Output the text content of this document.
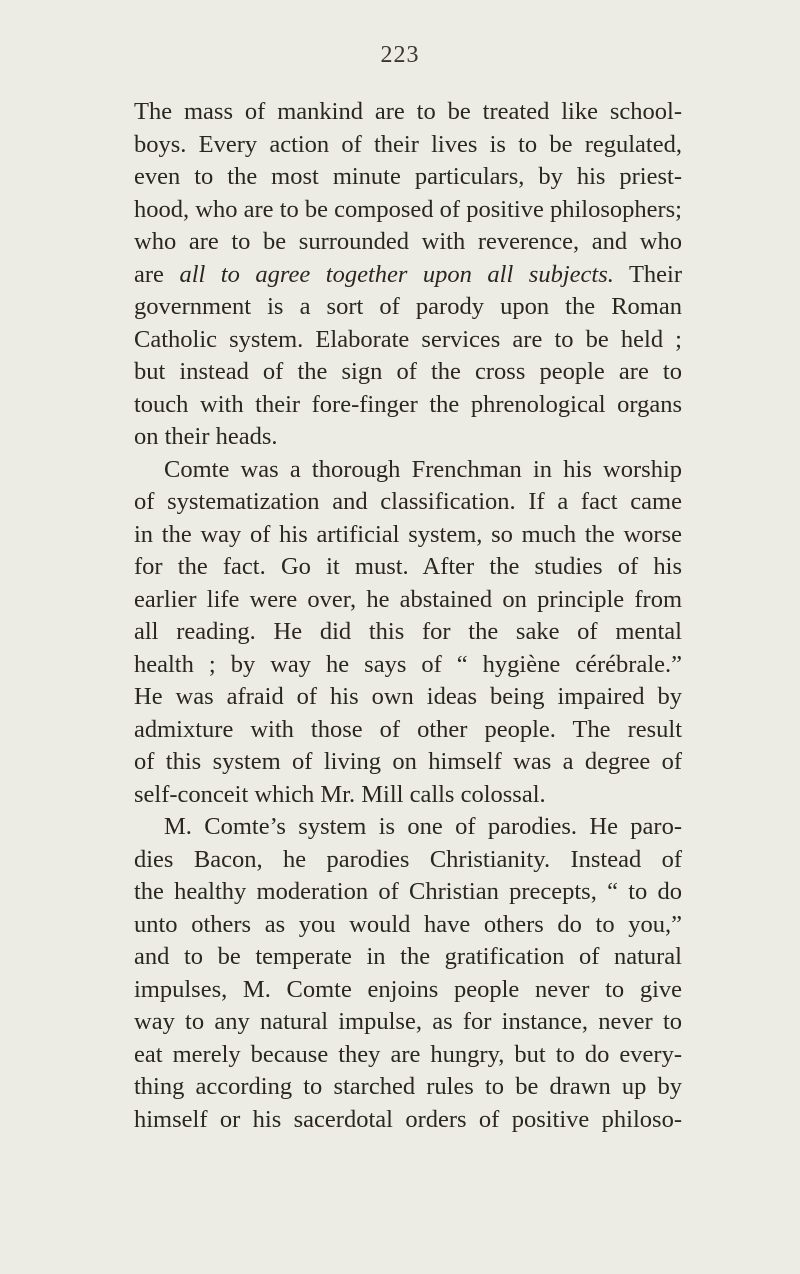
223
The mass of mankind are to be treated like school-
boys. Every action of their lives is to be regulated,
even to the most minute particulars, by his priest-
hood, who are to be composed of positive philosophers;
who are to be surrounded with reverence, and who
are all to agree together upon all subjects. Their
government is a sort of parody upon the Roman
Catholic system. Elaborate services are to be held ;
but instead of the sign of the cross people are to
touch with their fore-finger the phrenological organs
on their heads.
Comte was a thorough Frenchman in his worship
of systematization and classification. If a fact came
in the way of his artificial system, so much the worse
for the fact. Go it must. After the studies of his
earlier life were over, he abstained on principle from
all reading. He did this for the sake of mental
health ; by way he says of “ hygiène cérébrale.”
He was afraid of his own ideas being impaired by
admixture with those of other people. The result
of this system of living on himself was a degree of
self-conceit which Mr. Mill calls colossal.
M. Comte’s system is one of parodies. He paro-
dies Bacon, he parodies Christianity. Instead of
the healthy moderation of Christian precepts, “ to do
unto others as you would have others do to you,”
and to be temperate in the gratification of natural
impulses, M. Comte enjoins people never to give
way to any natural impulse, as for instance, never to
eat merely because they are hungry, but to do every-
thing according to starched rules to be drawn up by
himself or his sacerdotal orders of positive philoso-
